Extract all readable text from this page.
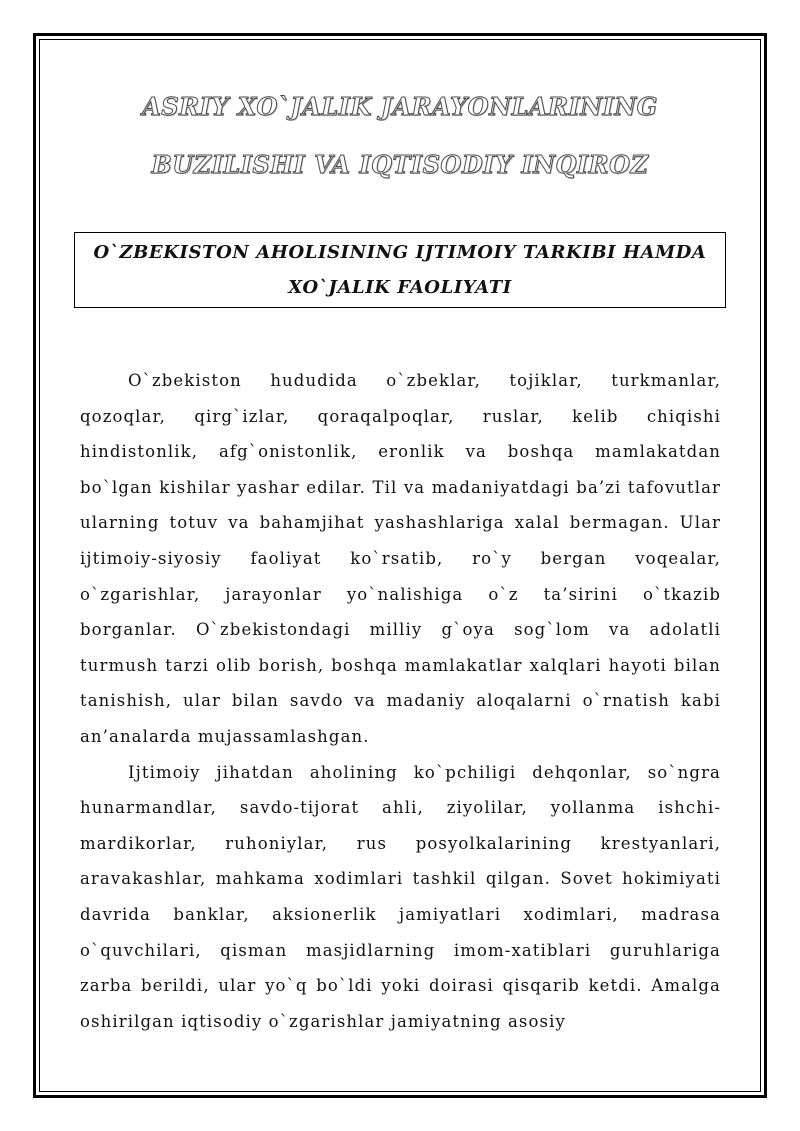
ASRIY XO`JALIK JARAYONLARINING
BUZILISHI VA IQTISODIY INQIROZ
O`ZBEKISTON AHOLISINING IJTIMOIY TARKIBI HAMDA
XO`JALIK FAOLIYATI

O`zbekiston hududida o`zbeklar, tojiklar, turkmanlar, qozoqlar, qirg`izlar, qoraqalpoqlar, ruslar, kelib chiqishi hindistonlik, afg`onistonlik, eronlik va boshqa mamlakatdan bo`lgan kishilar yashar edilar. Til va madaniyatdagi ba’zi tafovutlar ularning totuv va bahamjihat yashashlariga xalal bermagan. Ular ijtimoiy-siyosiy faoliyat ko`rsatib, ro`y bergan voqealar, o`zgarishlar, jarayonlar yo`nalishiga o`z ta’sirini o`tkazib borganlar. O`zbekistondagi milliy g`oya sog`lom va adolatli turmush tarzi olib borish, boshqa mamlakatlar xalqlari hayoti bilan tanishish, ular bilan savdo va madaniy aloqalarni o`rnatish kabi an’analarda mujassamlashgan.

Ijtimoiy jihatdan aholining ko`pchiligi dehqonlar, so`ngra hunarmandlar, savdo-tijorat ahli, ziyolilar, yollanma ishchi-mardikorlar, ruhoniylar, rus posyolkalarining krestyanlari, aravakashlar, mahkama xodimlari tashkil qilgan. Sovet hokimiyati davrida banklar, aksionerlik jamiyatlari xodimlari, madrasa o`quvchilari, qisman masjidlarning imom-xatiblari guruhlariga zarba berildi, ular yo`q bo`ldi yoki doirasi qisqarib ketdi. Amalga oshirilgan iqtisodiy o`zgarishlar jamiyatning asosiy
